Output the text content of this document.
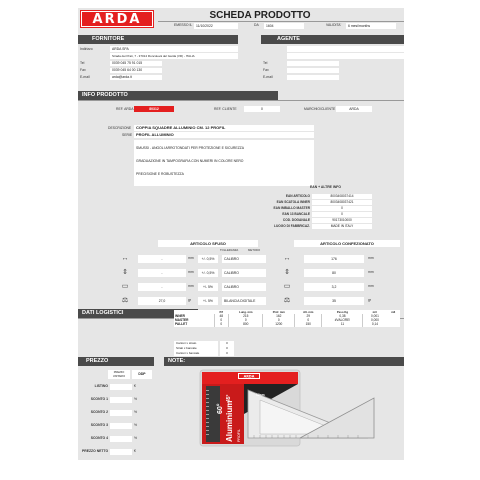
ARDA	SCHEDA PRODOTTO
EMESSO IL	11/10/2022	DA	1604	VALIDITA'	6 mesi/months
FORNITORE	AGENTE
Indirizzo	ARDA SPA
Strada dei Prati, 7 - 37014 Roncolevà del Garda (VR) - ITALIA
Tel	0039 045 75 91 015
Fax	0039 045 64 00 130
E-mail	arda@arda.it
Tel
Fax
E-mail
INFO PRODOTTO
REF. ARDA	80312	REF. CLIENTE	0	MARCHIO/CLIENTE	ARDA
DESCRIZIONE	COPPIA SQUADRE ALLUMINIO CM. 12 PROFIL
SERIE PROFIL ALLUMINIO
SMUSSI - ANGOLI ARROTONDATI PER PROTEZIONE E SICUREZZA
GRADUAZIONE IN TAMPOGRAFIA CON NUMERI IN COLORE NERO
PRECISIONE E ROBUSTEZZA
EAN + ALTRE INFO
EAN ARTICOLO	8003408037414
EAN SCATOLA INNER	8003408037421
EAN IMBALLO MASTER	0
EAN 13 BANCALE	0
COD. DOGANALE	90173010000
LUOGO DI FABBRICAZ.	MADE IN ITALY
ARTICOLO SFUSO
TOLLERANZA	METODO
↔	-	mm	+/- 0,5%	CALIBRO
⇕	-	mm	+/- 0,5%	CALIBRO
▭	-	mm	+/- 5%	CALIBRO
⚖	27,0	gr	+/- 5%	BILANCIA DIGITALE
ARTICOLO CONFEZIONATO
↔	176	mm
⇕	80	mm
▭	3,2	mm
⚖	35	gr
DATI LOGISTICI
		PZ	Lung. mm	Prof. mm	Alt. mm	Peso Kg	m3	m3
INNER	48	215	162	29	0,38	0,001	
MASTER	0	0	0	0	#VALORE!	0,000	
PALLET	0	800	1200	150	11	0,14	
Cartoni x strato	0
Strati x bancale	0
Cartoni x bancale	0
PREZZO
PREZZO UNITARIO	DDP
LISTINO	€
SCONTO 1	%
SCONTO 2	%
SCONTO 3	%
SCONTO 4	%
PREZZO NETTO	€
NOTE:
ARDA
Aluminium PROFIL
60°
45°	12cm
